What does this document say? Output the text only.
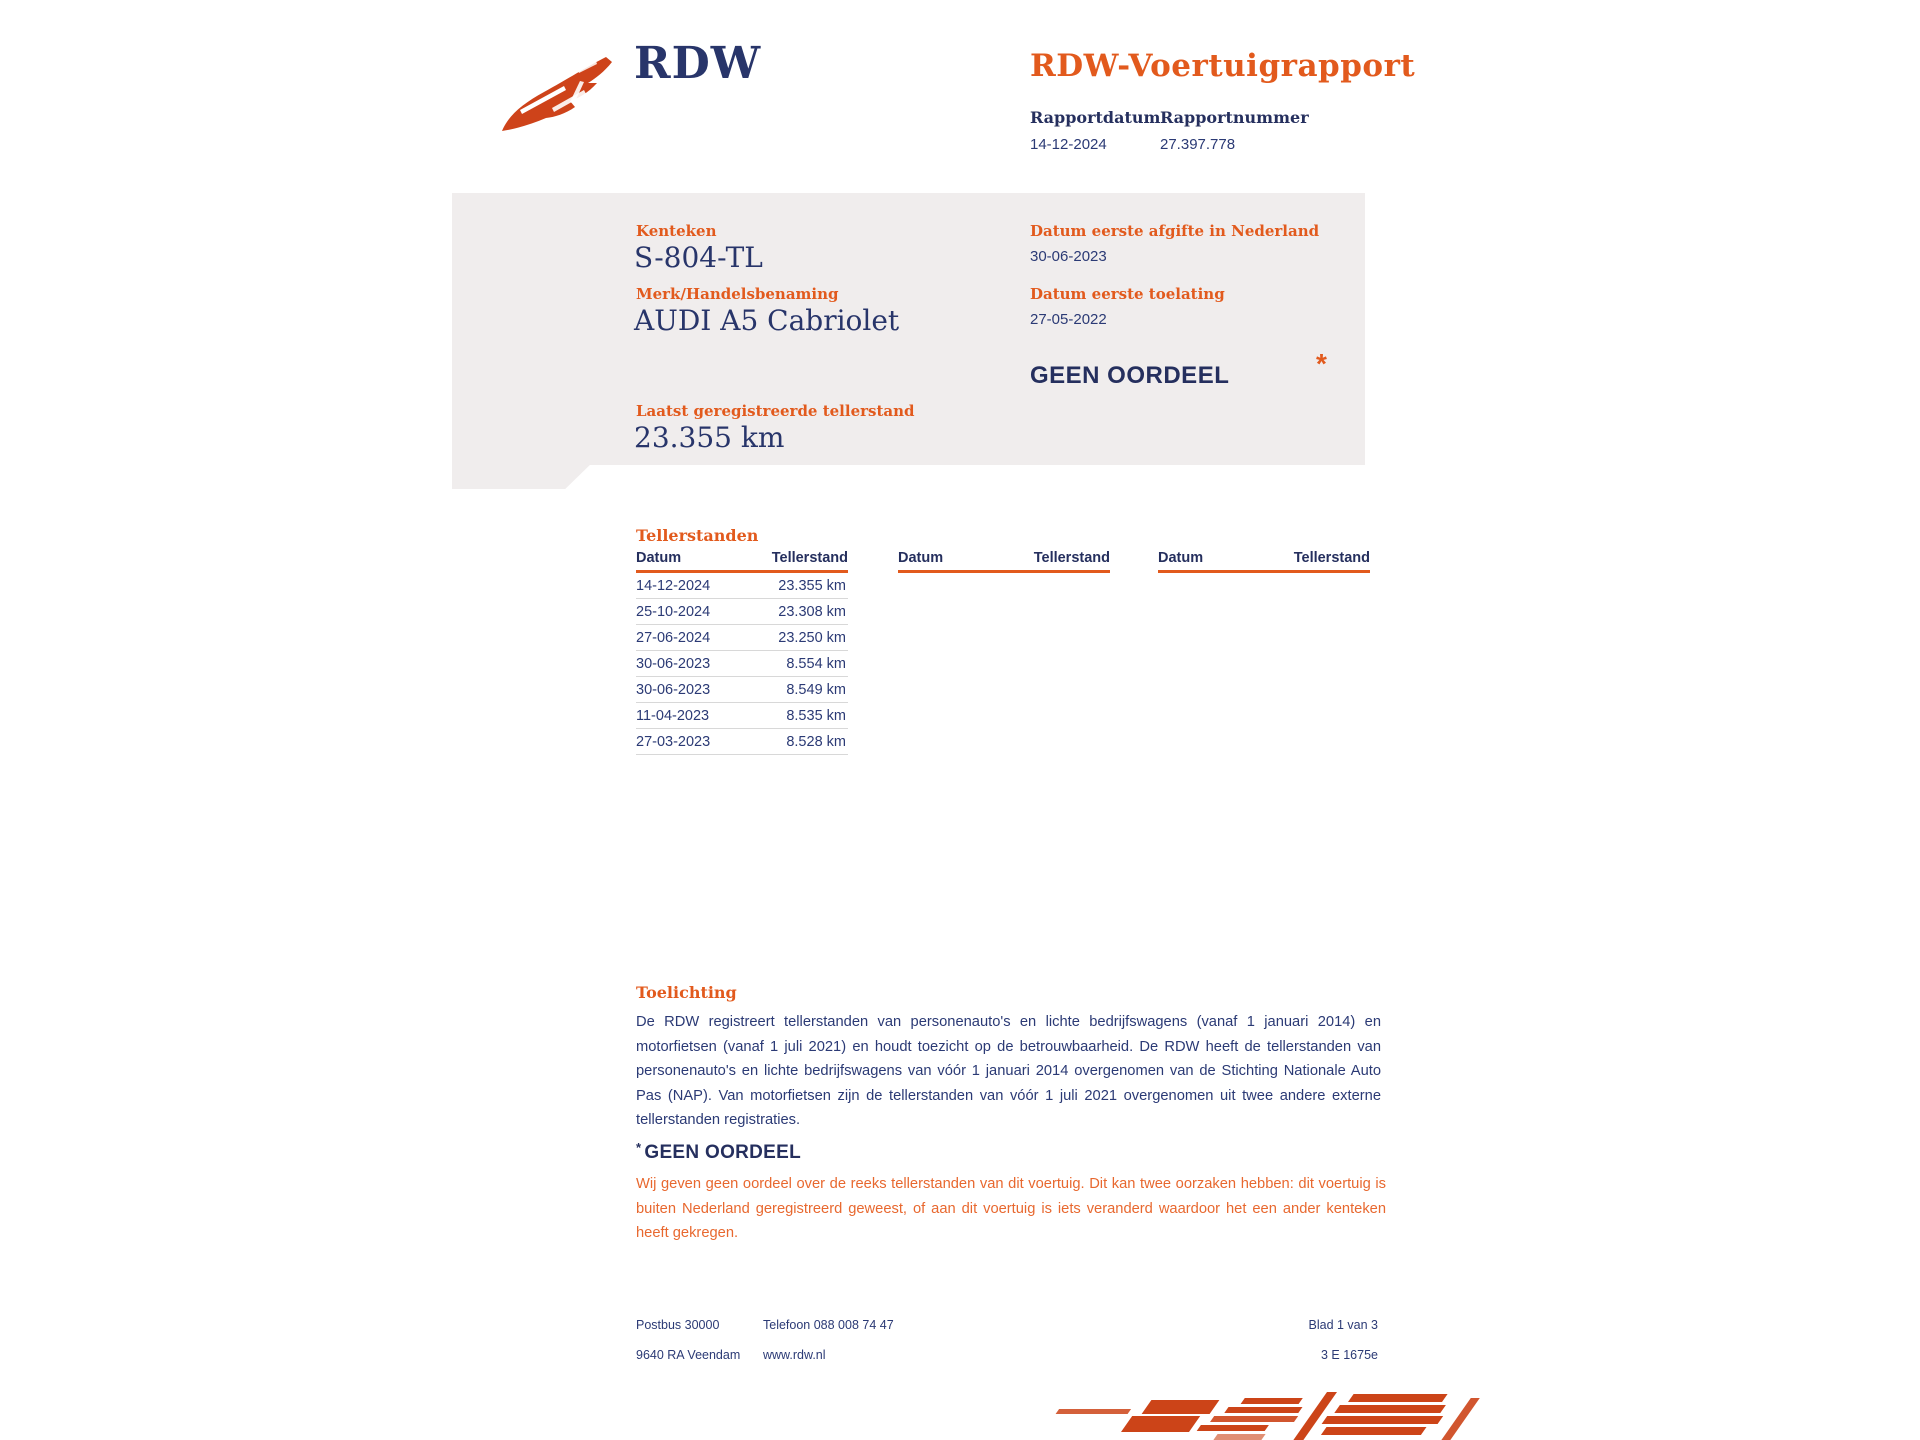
RDW	RDW-Voertuigrapport
Rapportdatum Rapportnummer
14-12-2024	27.397.778
Kenteken
S-804-TL
Merk/Handelsbenaming
AUDI A5 Cabriolet
Laatst geregistreerde tellerstand
23.355 km
Datum eerste afgifte in Nederland
30-06-2023
Datum eerste toelating
27-05-2022
GEEN OORDEEL	*
Tellerstanden
Datum	Tellerstand
14-12-2024	23.355 km
25-10-2024	23.308 km
27-06-2024	23.250 km
30-06-2023	8.554 km
30-06-2023	8.549 km
11-04-2023	8.535 km
27-03-2023	8.528 km
Datum	Tellerstand	Datum	Tellerstand
Toelichting
De RDW registreert tellerstanden van personenauto's en lichte bedrijfswagens (vanaf 1 januari 2014) en motorfietsen (vanaf 1 juli 2021) en houdt toezicht op de betrouwbaarheid. De RDW heeft de tellerstanden van personenauto's en lichte bedrijfswagens van vóór 1 januari 2014 overgenomen van de Stichting Nationale Auto Pas (NAP). Van motorfietsen zijn de tellerstanden van vóór 1 juli 2021 overgenomen uit twee andere externe tellerstanden registraties.
* GEEN OORDEEL
Wij geven geen oordeel over de reeks tellerstanden van dit voertuig. Dit kan twee oorzaken hebben: dit voertuig is buiten Nederland geregistreerd geweest, of aan dit voertuig is iets veranderd waardoor het een ander kenteken heeft gekregen.
Postbus 30000
9640 RA Veendam
Telefoon 088 008 74 47
www.rdw.nl
Blad 1 van 3
3 E 1675e
